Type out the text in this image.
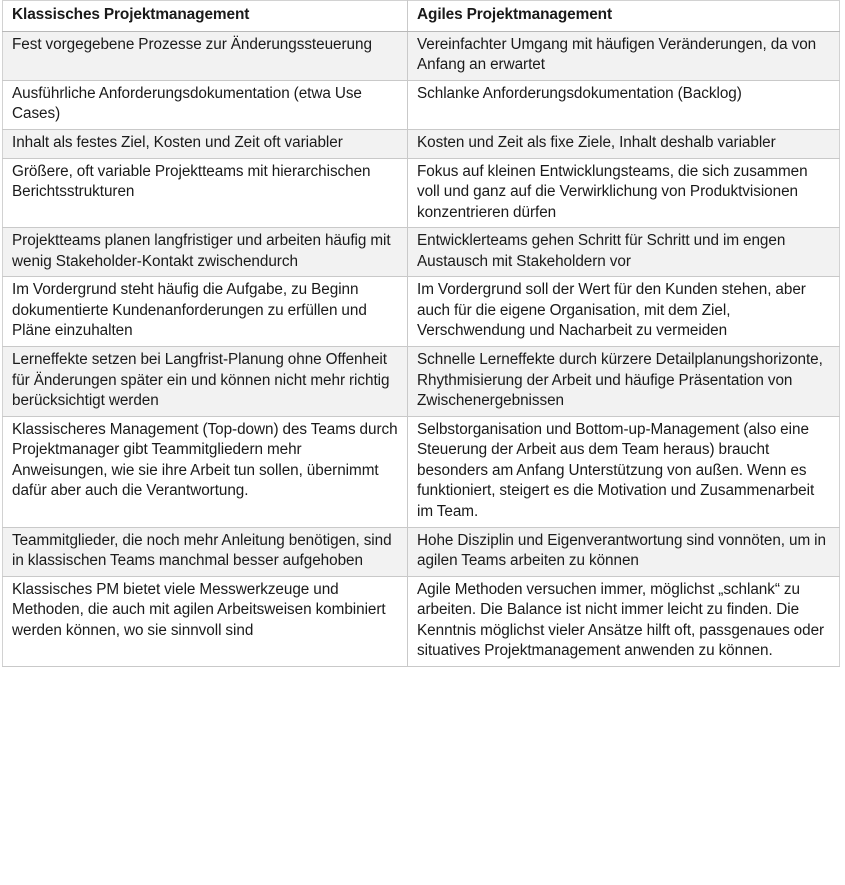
Klassisches Projektmanagement	Agiles Projektmanagement

Fest vorgegebene Prozesse zur Änderungssteuerung	Vereinfachter Umgang mit häufigen Veränderungen, da von Anfang an erwartet

Ausführliche Anforderungsdokumentation (etwa Use Cases)	Schlanke Anforderungsdokumentation (Backlog)

Inhalt als festes Ziel, Kosten und Zeit oft variabler	Kosten und Zeit als fixe Ziele, Inhalt deshalb variabler

Größere, oft variable Projektteams mit hierarchischen Berichtsstrukturen	Fokus auf kleinen Entwicklungsteams, die sich zusammen voll und ganz auf die Verwirklichung von Produktvisionen konzentrieren dürfen

Projektteams planen langfristiger und arbeiten häufig mit wenig Stakeholder-Kontakt zwischendurch	Entwicklerteams gehen Schritt für Schritt und im engen Austausch mit Stakeholdern vor

Im Vordergrund steht häufig die Aufgabe, zu Beginn dokumentierte Kundenanforderungen zu erfüllen und Pläne einzuhalten	Im Vordergrund soll der Wert für den Kunden stehen, aber auch für die eigene Organisation, mit dem Ziel, Verschwendung und Nacharbeit zu vermeiden

Lerneffekte setzen bei Langfrist-Planung ohne Offenheit für Änderungen später ein und können nicht mehr richtig berücksichtigt werden	Schnelle Lerneffekte durch kürzere Detailplanungshorizonte, Rhythmisierung der Arbeit und häufige Präsentation von Zwischenergebnissen

Klassischeres Management (Top-down) des Teams durch Projektmanager gibt Teammitgliedern mehr Anweisungen, wie sie ihre Arbeit tun sollen, übernimmt dafür aber auch die Verantwortung.	Selbstorganisation und Bottom-up-Management (also eine Steuerung der Arbeit aus dem Team heraus) braucht besonders am Anfang Unterstützung von außen. Wenn es funktioniert, steigert es die Motivation und Zusammenarbeit im Team.

Teammitglieder, die noch mehr Anleitung benötigen, sind in klassischen Teams manchmal besser aufgehoben	Hohe Disziplin und Eigenverantwortung sind vonnöten, um in agilen Teams arbeiten zu können

Klassisches PM bietet viele Messwerkzeuge und Methoden, die auch mit agilen Arbeitsweisen kombiniert werden können, wo sie sinnvoll sind	Agile Methoden versuchen immer, möglichst „schlank“ zu arbeiten. Die Balance ist nicht immer leicht zu finden. Die Kenntnis möglichst vieler Ansätze hilft oft, passgenaues oder situatives Projektmanagement anwenden zu können.
